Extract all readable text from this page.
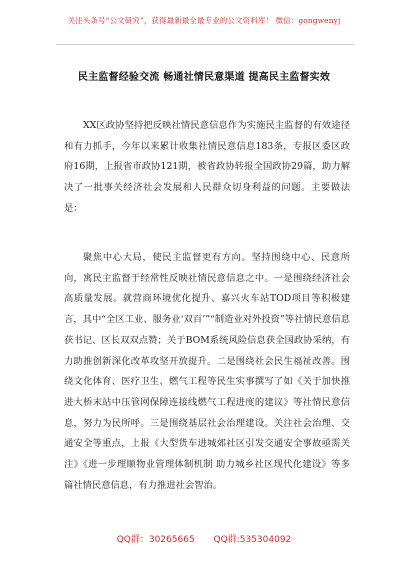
关注头条号“公文研究”，获得最新最全最专业的公文资料库！ 微信：gongwenyj
民主监督经验交流 畅通社情民意渠道 提高民主监督实效

XX区政协坚持把反映社情民意信息作为实施民主监督的有效途径和有力抓手，今年以来累计收集社情民意信息183条，专报区委区政府16期，上报省市政协121期，被省政协转报全国政协29篇，助力解决了一批事关经济社会发展和人民群众切身利益的问题。主要做法是：

聚焦中心大局，使民主监督更有方向。坚持围绕中心、民意所向，寓民主监督于经常性反映社情民意信息之中。一是围绕经济社会高质量发展。就营商环境优化提升、嘉兴火车站TOD项目等积极建言，其中“全区工业、服务业‘双百’”“制造业对外投资”等社情民意信息获书记、区长双双点赞；关于BOM系统风险信息获全国政协采纳，有力助推创新深化改革攻坚开放提升。二是围绕社会民生福祉改善。围绕文化体育、医疗卫生、燃气工程等民生实事撰写了如《关于加快推进大桥末站中压管网保障连接线燃气工程进度的建议》等社情民意信息，努力为民所呼。三是围绕基层社会治理建设。关注社会治理、交通安全等重点，上报《大型货车进城郊社区引发交通安全事故亟需关注》《进一步理顺物业管理体制机制 助力城乡社区现代化建设》等多篇社情民意信息，有力推进社会智治。

QQ群：30265665 QQ群:535304092
